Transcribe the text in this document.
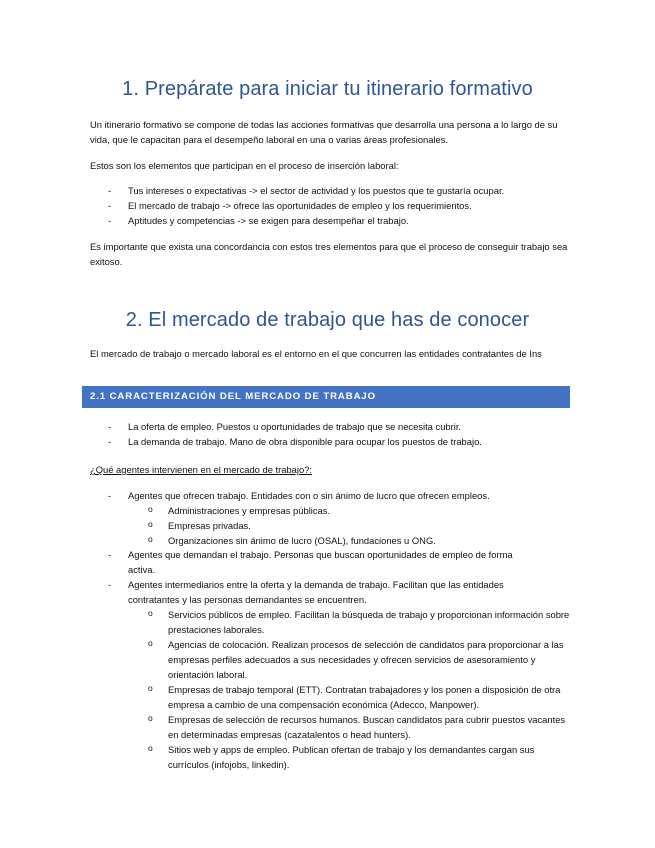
1. Prepárate para iniciar tu itinerario formativo

Un itinerario formativo se compone de todas las acciones formativas que desarrolla una persona a lo largo de su vida, que le capacitan para el desempeño laboral en una o varias áreas profesionales.

Estos son los elementos que participan en el proceso de inserción laboral:

- Tus intereses o expectativas -> el sector de actividad y los puestos que te gustaría ocupar.
- El mercado de trabajo -> ofrece las oportunidades de empleo y los requerimientos.
- Aptitudes y competencias -> se exigen para desempeñar el trabajo.

Es importante que exista una concordancia con estos tres elementos para que el proceso de conseguir trabajo sea exitoso.

2. El mercado de trabajo que has de conocer

El mercado de trabajo o mercado laboral es el entorno en el que concurren las entidades contratantes de Ins

2.1 CARACTERIZACIÓN DEL MERCADO DE TRABAJO
- La oferta de empleo. Puestos u oportunidades de trabajo que se necesita cubrir.
- La demanda de trabajo. Mano de obra disponible para ocupar los puestos de trabajo.

¿Qué agentes intervienen en el mercado de trabajo?:

- Agentes que ofrecen trabajo. Entidades con o sin ánimo de lucro que ofrecen empleos.
o Administraciones y empresas públicas.
o Empresas privadas.
o Organizaciones sin ánimo de lucro (OSAL), fundaciones u ONG.
- Agentes que demandan el trabajo. Personas que buscan oportunidades de empleo de forma activa.
- Agentes intermediarios entre la oferta y la demanda de trabajo. Facilitan que las entidades contratantes y las personas demandantes se encuentren.
o Servicios públicos de empleo. Facilitan la búsqueda de trabajo y proporcionan información sobre prestaciones laborales.
o Agencias de colocación. Realizan procesos de selección de candidatos para proporcionar a las empresas perfiles adecuados a sus necesidades y ofrecen servicios de asesoramiento y orientación laboral.
o Empresas de trabajo temporal (ETT). Contratan trabajadores y los ponen a disposición de otra empresa a cambio de una compensación económica (Adecco, Manpower).
o Empresas de selección de recursos humanos. Buscan candidatos para cubrir puestos vacantes en determinadas empresas (cazatalentos o head hunters).
o Sitios web y apps de empleo. Publican ofertan de trabajo y los demandantes cargan sus currículos (infojobs, linkedin).
